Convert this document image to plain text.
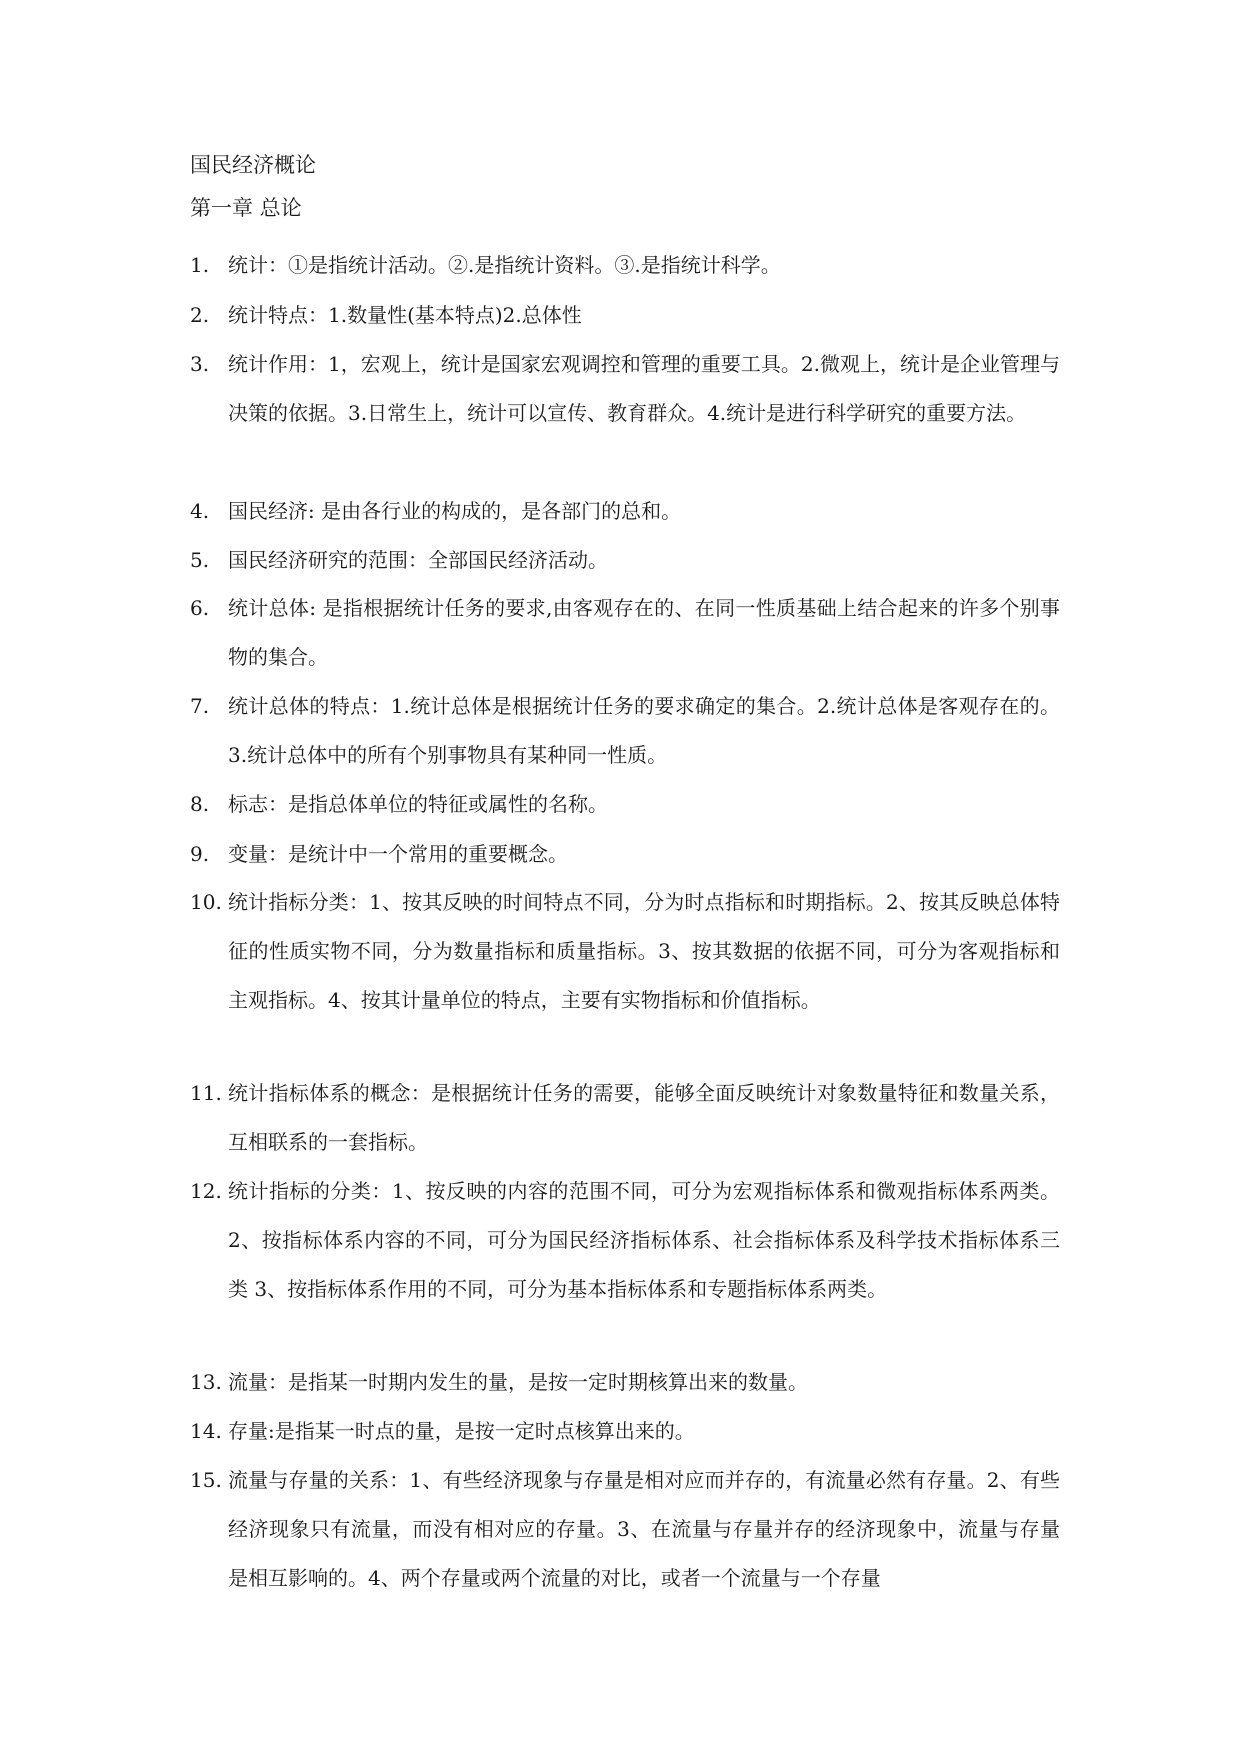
国民经济概论
第一章 总论
1. 统计：①是指统计活动。②.是指统计资料。③.是指统计科学。
2. 统计特点：1.数量性(基本特点)2.总体性
3. 统计作用：1，宏观上，统计是国家宏观调控和管理的重要工具。2.微观上，统计是企业管理与决策的依据。3.日常生上，统计可以宣传、教育群众。4.统计是进行科学研究的重要方法。
4. 国民经济: 是由各行业的构成的，是各部门的总和。
5. 国民经济研究的范围：全部国民经济活动。
6. 统计总体: 是指根据统计任务的要求,由客观存在的、在同一性质基础上结合起来的许多个别事物的集合。
7. 统计总体的特点：1.统计总体是根据统计任务的要求确定的集合。2.统计总体是客观存在的。3.统计总体中的所有个别事物具有某种同一性质。
8. 标志：是指总体单位的特征或属性的名称。
9. 变量：是统计中一个常用的重要概念。
10. 统计指标分类：1、按其反映的时间特点不同，分为时点指标和时期指标。2、按其反映总体特征的性质实物不同，分为数量指标和质量指标。3、按其数据的依据不同，可分为客观指标和主观指标。4、按其计量单位的特点，主要有实物指标和价值指标。
11. 统计指标体系的概念：是根据统计任务的需要，能够全面反映统计对象数量特征和数量关系，互相联系的一套指标。
12. 统计指标的分类：1、按反映的内容的范围不同，可分为宏观指标体系和微观指标体系两类。2、按指标体系内容的不同，可分为国民经济指标体系、社会指标体系及科学技术指标体系三类 3、按指标体系作用的不同，可分为基本指标体系和专题指标体系两类。
13. 流量：是指某一时期内发生的量，是按一定时期核算出来的数量。
14. 存量:是指某一时点的量，是按一定时点核算出来的。
15. 流量与存量的关系：1、有些经济现象与存量是相对应而并存的，有流量必然有存量。2、有些经济现象只有流量，而没有相对应的存量。3、在流量与存量并存的经济现象中，流量与存量是相互影响的。4、两个存量或两个流量的对比，或者一个流量与一个存量
